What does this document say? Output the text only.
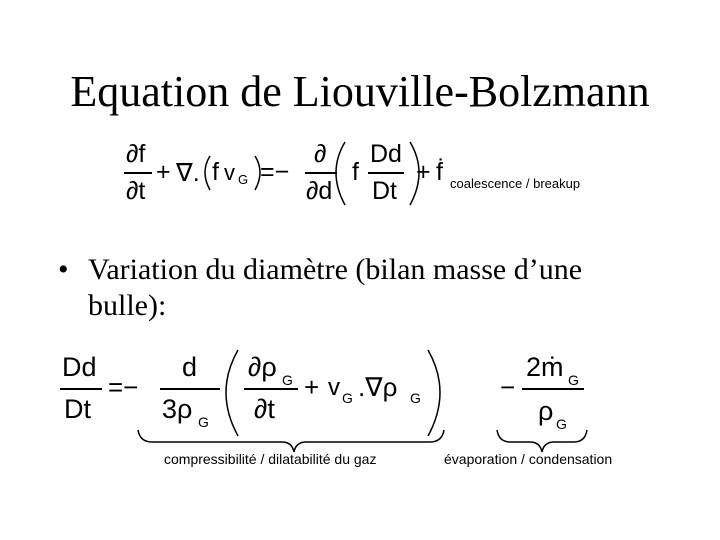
Equation de Liouville-Bolzmann
∂f
∂t
+ ∇. f v G =−
∂
∂d
f
Dd
Dt
+ ḟ coalescence / breakup
• Variation du diamètre (bilan masse d’une bulle):
Dd
Dt
=−
d
3ρ G
∂ρ G
∂t
+ v G .∇ρ G	−
2ṁ G
ρ G
compressibilité / dilatabilité du gaz	évaporation / condensation
